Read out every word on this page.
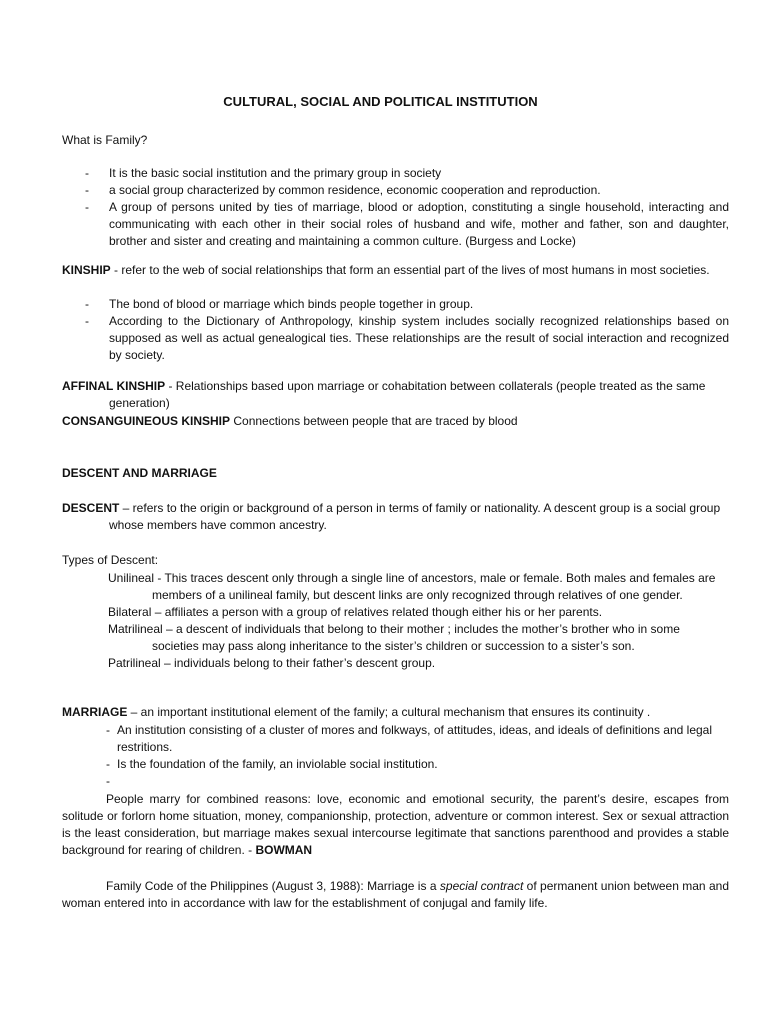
CULTURAL, SOCIAL AND POLITICAL INSTITUTION
What is Family?
- It is the basic social institution and the primary group in society
- a social group characterized by common residence, economic cooperation and reproduction.
- A group of persons united by ties of marriage, blood or adoption, constituting a single household, interacting and communicating with each other in their social roles of husband and wife, mother and father, son and daughter, brother and sister and creating and maintaining a common culture. (Burgess and Locke)
KINSHIP - refer to the web of social relationships that form an essential part of the lives of most humans in most societies.
- The bond of blood or marriage which binds people together in group.
- According to the Dictionary of Anthropology, kinship system includes socially recognized relationships based on supposed as well as actual genealogical ties. These relationships are the result of social interaction and recognized by society.
AFFINAL KINSHIP - Relationships based upon marriage or cohabitation between collaterals (people treated as the same generation)
CONSANGUINEOUS KINSHIP Connections between people that are traced by blood
DESCENT AND MARRIAGE
DESCENT – refers to the origin or background of a person in terms of family or nationality. A descent group is a social group whose members have common ancestry.
Types of Descent:
Unilineal - This traces descent only through a single line of ancestors, male or female. Both males and females are members of a unilineal family, but descent links are only recognized through relatives of one gender.
Bilateral – affiliates a person with a group of relatives related though either his or her parents.
Matrilineal – a descent of individuals that belong to their mother ; includes the mother’s brother who in some societies may pass along inheritance to the sister’s children or succession to a sister’s son.
Patrilineal – individuals belong to their father’s descent group.
MARRIAGE – an important institutional element of the family; a cultural mechanism that ensures its continuity .
- An institution consisting of a cluster of mores and folkways, of attitudes, ideas, and ideals of definitions and legal restritions.
- Is the foundation of the family, an inviolable social institution.
-
People marry for combined reasons: love, economic and emotional security, the parent’s desire, escapes from solitude or forlorn home situation, money, companionship, protection, adventure or common interest. Sex or sexual attraction is the least consideration, but marriage makes sexual intercourse legitimate that sanctions parenthood and provides a stable background for rearing of children. - BOWMAN
Family Code of the Philippines (August 3, 1988): Marriage is a special contract of permanent union between man and woman entered into in accordance with law for the establishment of conjugal and family life.
